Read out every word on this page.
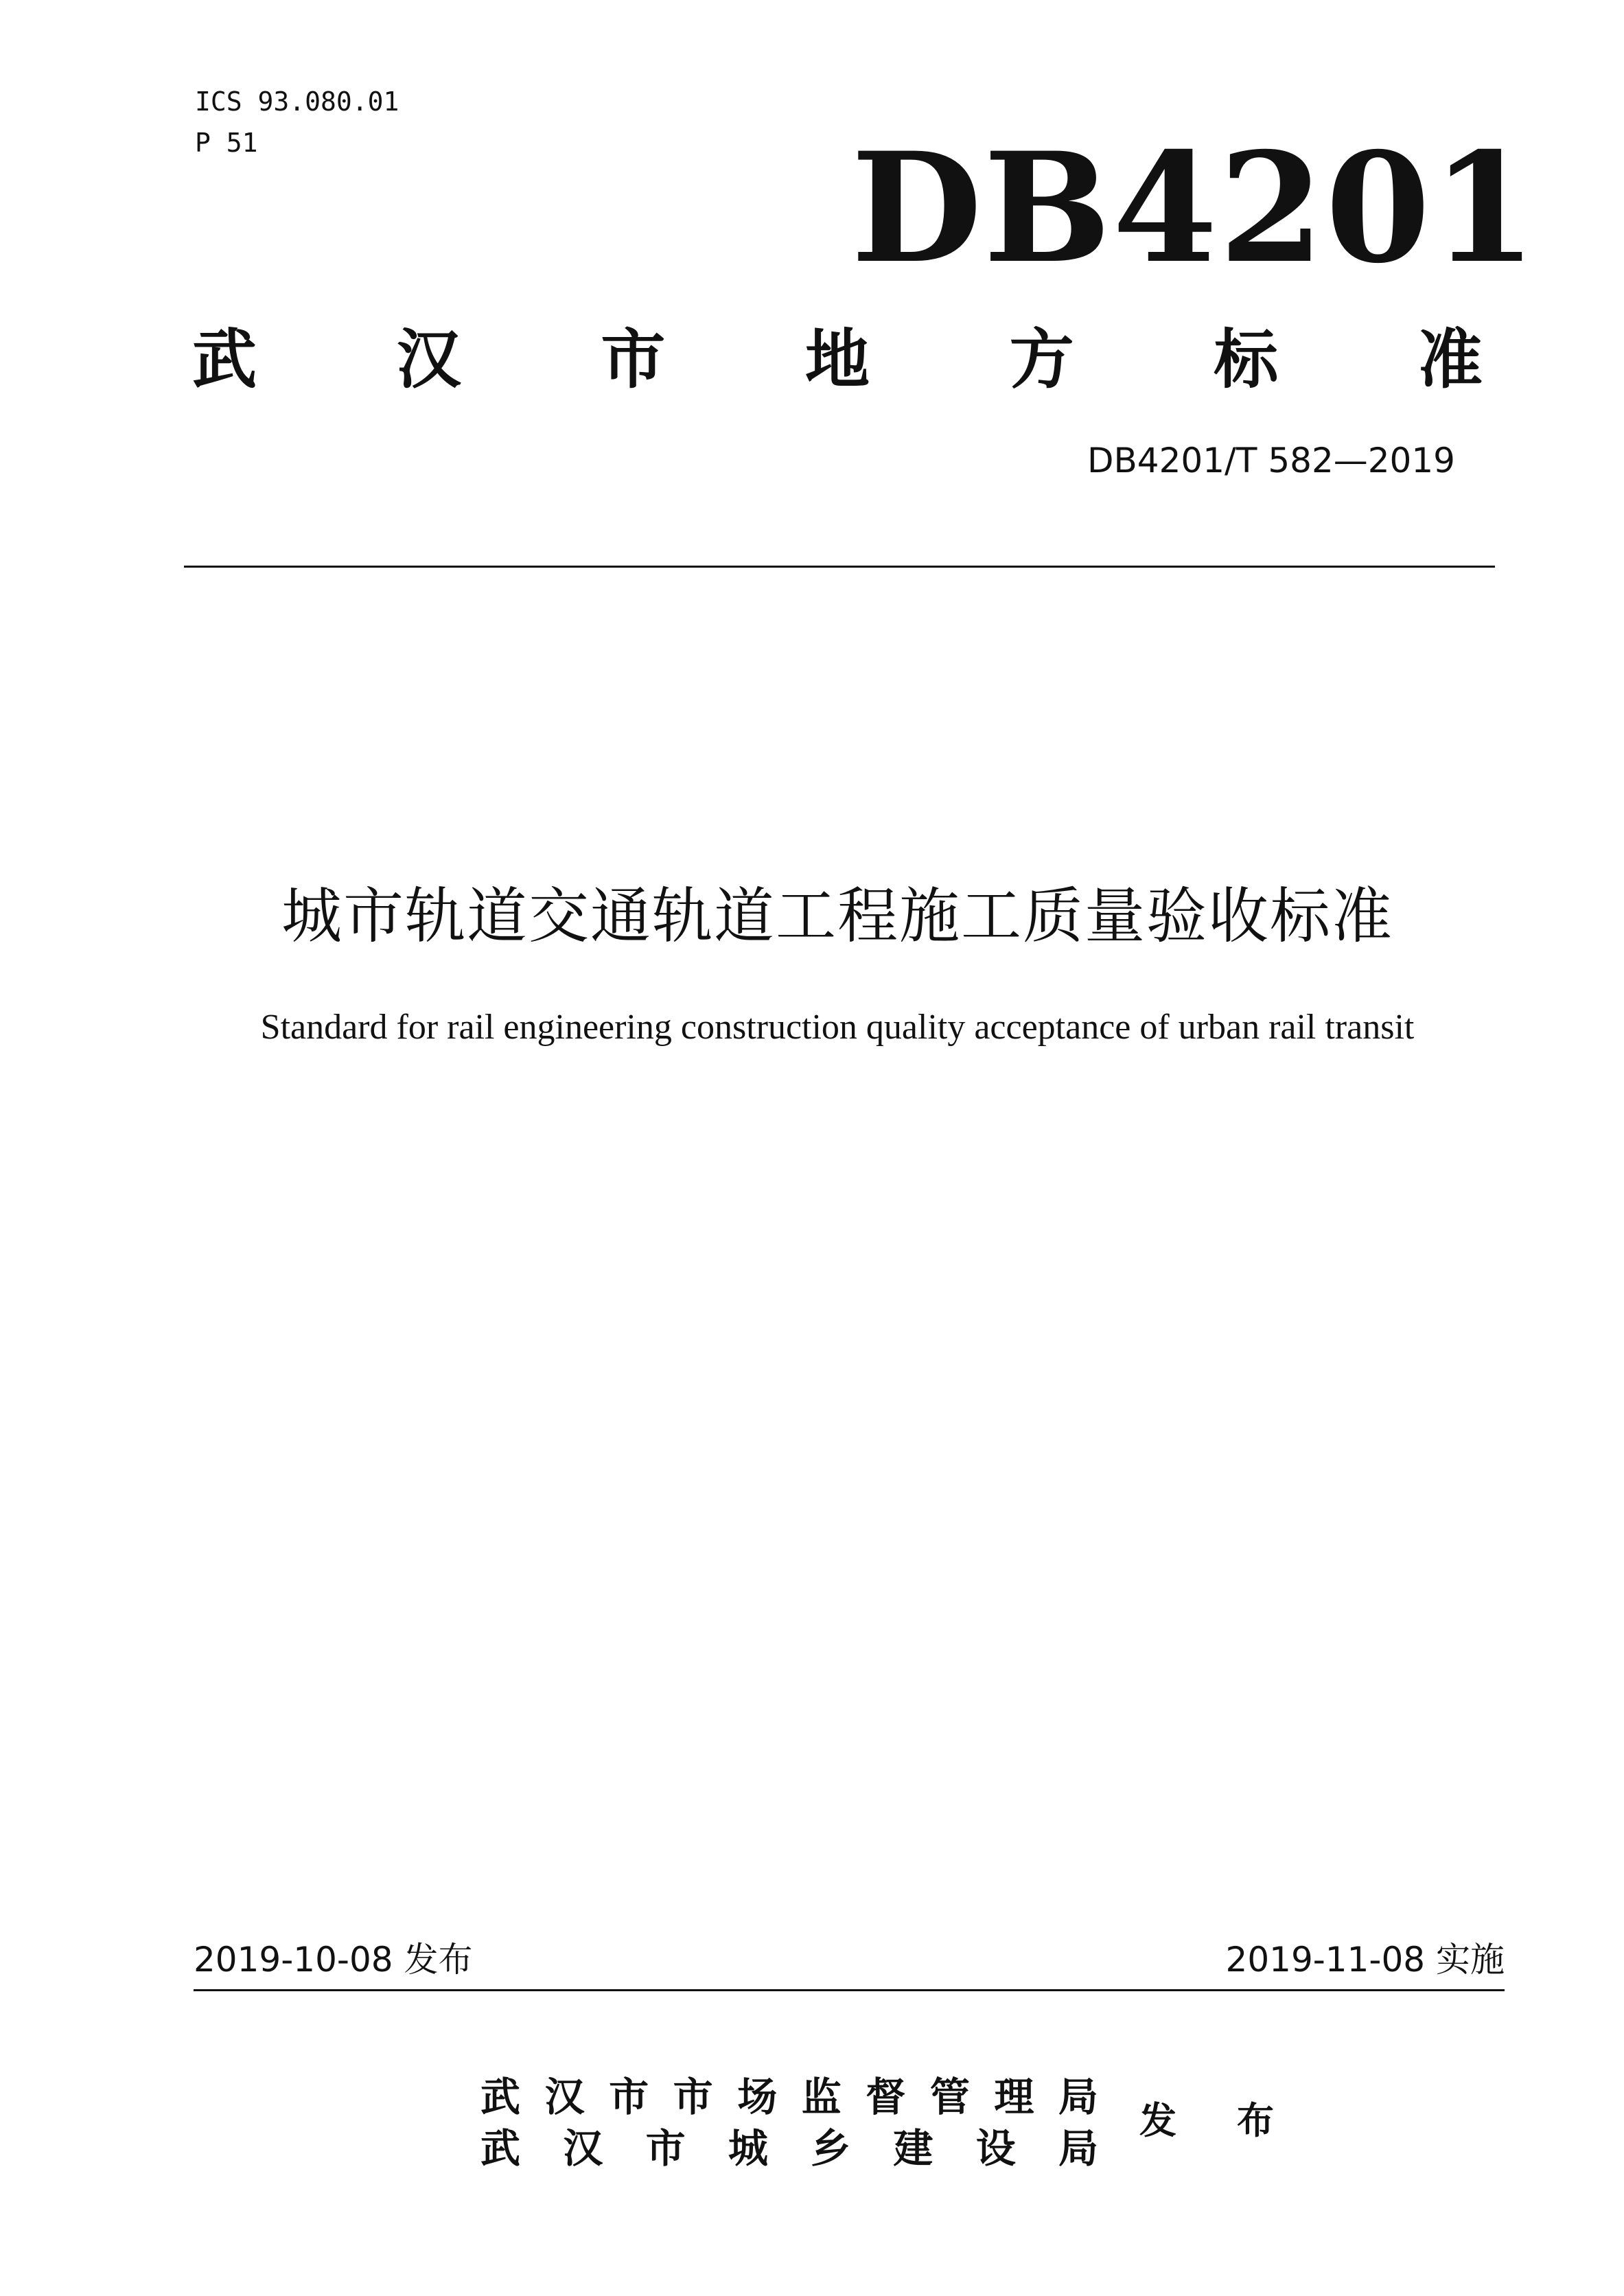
ICS 93.080.01
P 51	DB4201
武 汉 市 地 方 标 准
DB4201/T 582—2019
城市轨道交通轨道工程施工质量验收标准
Standard for rail engineering construction quality acceptance of urban rail transit
2019-10-08 发布	2019-11-08 实施
武 汉 市 市 场 监 督 管 理 局
武 汉 市 城 乡 建 设 局
发 布
